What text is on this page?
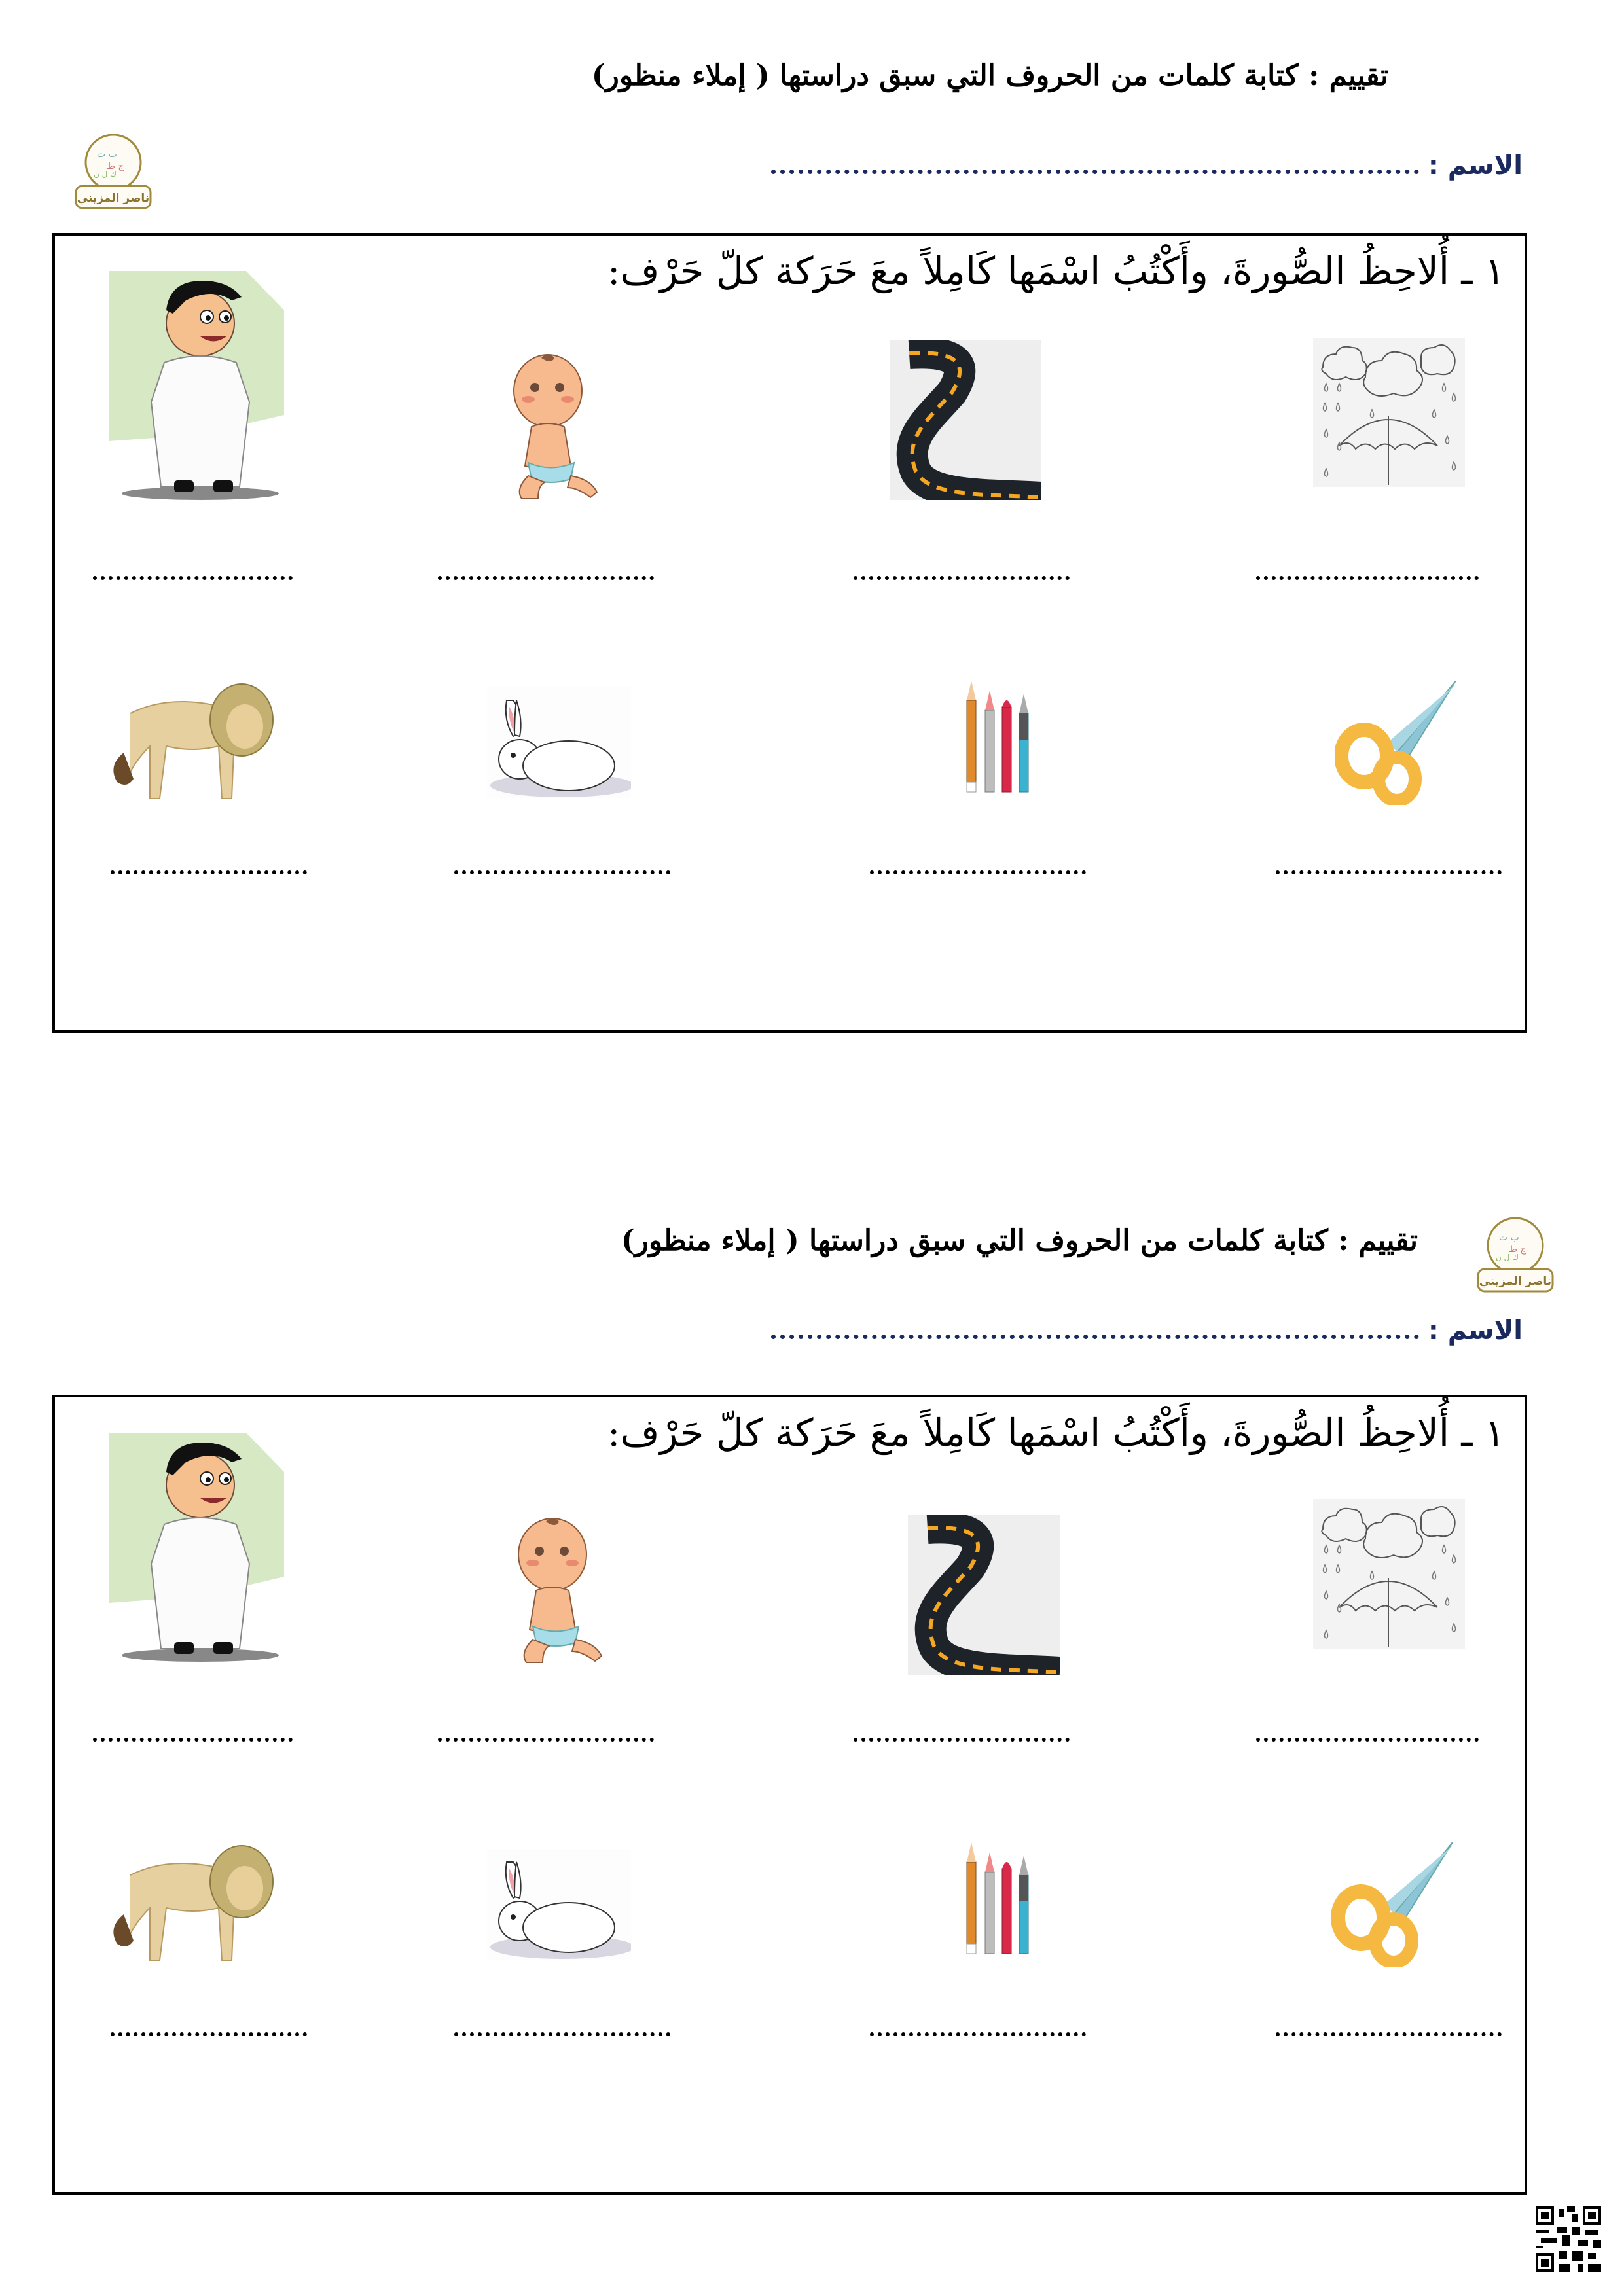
تقييم : كتابة كلمات من الحروف التي سبق دراستها ( إملاء منظور)
الاسم :
ب ت
ج ط
ك ل ن
ناصر المزيني
١ ـ أُلاحِظُ الصُّورةَ، وأَكْتُبُ اسْمَها كَامِلاً معَ حَرَكة كلّ حَرْف:
تقييم : كتابة كلمات من الحروف التي سبق دراستها ( إملاء منظور)
الاسم :
ب ت
ج ط
ك ل ن
ناصر المزيني
١ ـ أُلاحِظُ الصُّورةَ، وأَكْتُبُ اسْمَها كَامِلاً معَ حَرَكة كلّ حَرْف:
